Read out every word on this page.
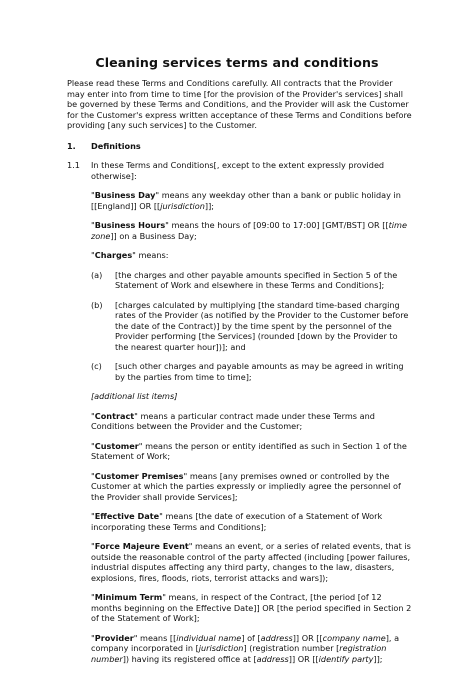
Cleaning services terms and conditions

Please read these Terms and Conditions carefully. All contracts that the Provider may enter into from time to time [for the provision of the Provider's services] shall be governed by these Terms and Conditions, and the Provider will ask the Customer for the Customer's express written acceptance of these Terms and Conditions before providing [any such services] to the Customer.

1.	Definitions
1.1	In these Terms and Conditions[, except to the extent expressly provided otherwise]:

"Business Day" means any weekday other than a bank or public holiday in [[England]] OR [[jurisdiction]];

"Business Hours" means the hours of [09:00 to 17:00] [GMT/BST] OR [[time zone]] on a Business Day;

"Charges" means:

(a)	[the charges and other payable amounts specified in Section 5 of the Statement of Work and elsewhere in these Terms and Conditions];
(b)	[charges calculated by multiplying [the standard time-based charging rates of the Provider (as notified by the Provider to the Customer before the date of the Contract)] by the time spent by the personnel of the Provider performing [the Services] (rounded [down by the Provider to the nearest quarter hour])]; and
(c)	[such other charges and payable amounts as may be agreed in writing by the parties from time to time];

[additional list items]

"Contract" means a particular contract made under these Terms and Conditions between the Provider and the Customer;

"Customer" means the person or entity identified as such in Section 1 of the Statement of Work;

"Customer Premises" means [any premises owned or controlled by the Customer at which the parties expressly or impliedly agree the personnel of the Provider shall provide Services];

"Effective Date" means [the date of execution of a Statement of Work incorporating these Terms and Conditions];

"Force Majeure Event" means an event, or a series of related events, that is outside the reasonable control of the party affected (including [power failures, industrial disputes affecting any third party, changes to the law, disasters, explosions, fires, floods, riots, terrorist attacks and wars]);

"Minimum Term" means, in respect of the Contract, [the period [of 12 months beginning on the Effective Date]] OR [the period specified in Section 2 of the Statement of Work];

"Provider" means [[individual name] of [address]] OR [[company name], a company incorporated in [jurisdiction] (registration number [registration number]) having its registered office at [address]] OR [[identify party]];
